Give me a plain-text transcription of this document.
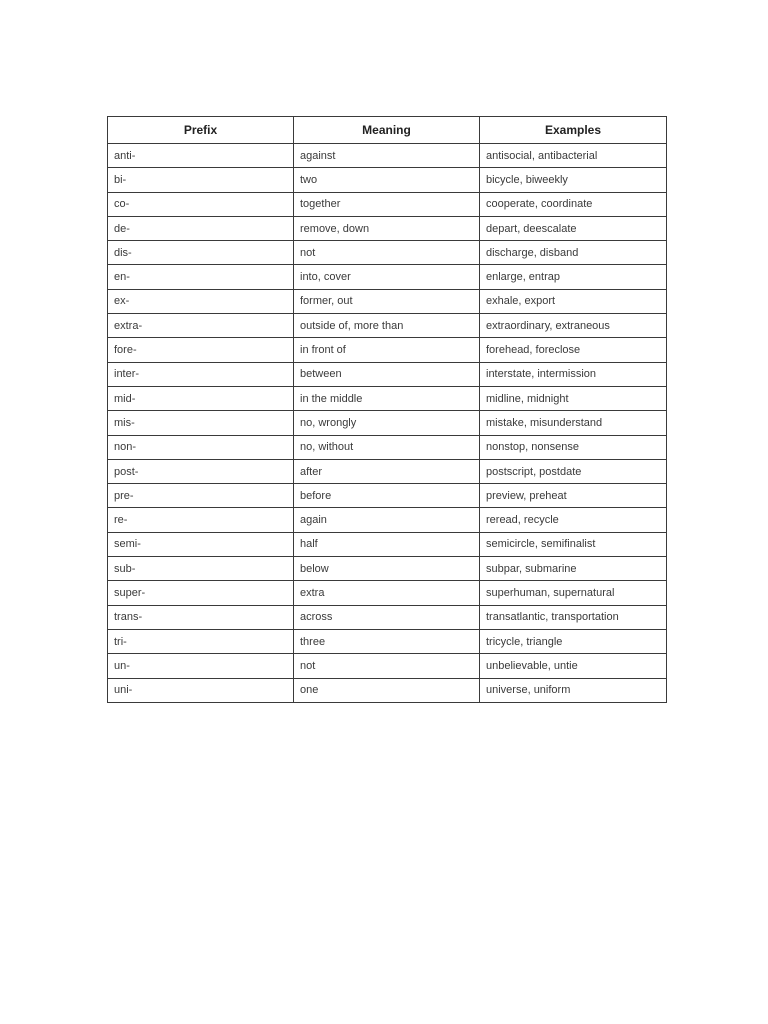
Prefix	Meaning	Examples
anti-	against	antisocial, antibacterial
bi-	two	bicycle, biweekly
co-	together	cooperate, coordinate
de-	remove, down	depart, deescalate
dis-	not	discharge, disband
en-	into, cover	enlarge, entrap
ex-	former, out	exhale, export
extra-	outside of, more than	extraordinary, extraneous
fore-	in front of	forehead, foreclose
inter-	between	interstate, intermission
mid-	in the middle	midline, midnight
mis-	no, wrongly	mistake, misunderstand
non-	no, without	nonstop, nonsense
post-	after	postscript, postdate
pre-	before	preview, preheat
re-	again	reread, recycle
semi-	half	semicircle, semifinalist
sub-	below	subpar, submarine
super-	extra	superhuman, supernatural
trans-	across	transatlantic, transportation
tri-	three	tricycle, triangle
un-	not	unbelievable, untie
uni-	one	universe, uniform
